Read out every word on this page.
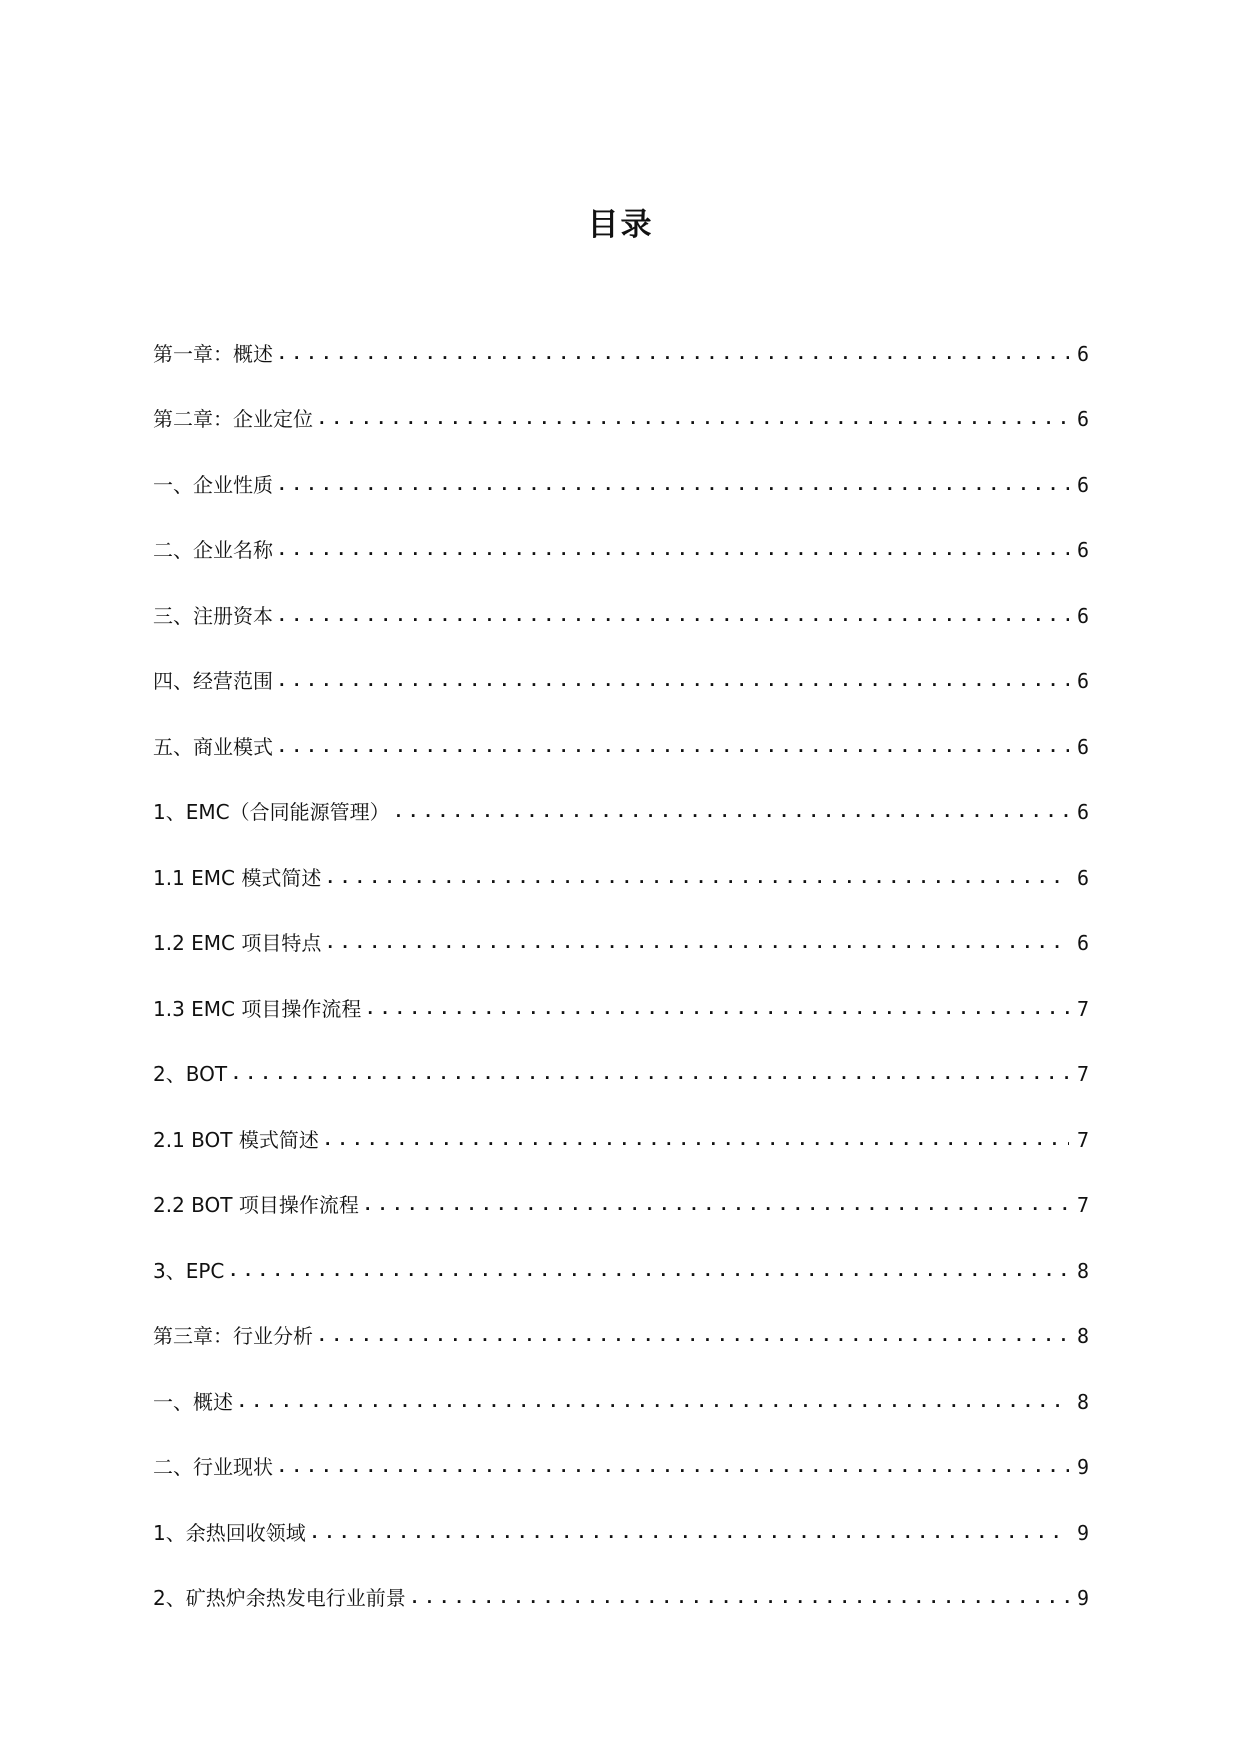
目录
第一章：概述 .....	6
第二章：企业定位 .....	6
一、企业性质 .....	6
二、企业名称 .....	6
三、注册资本 .....	6
四、经营范围 .....	6
五、商业模式 .....	6
1、EMC（合同能源管理） .....	6
1.1 EMC 模式简述 .....	6
1.2 EMC 项目特点 .....	6
1.3 EMC 项目操作流程 .....	7
2、BOT .....	7
2.1 BOT 模式简述 .....	7
2.2 BOT 项目操作流程 .....	7
3、EPC .....	8
第三章：行业分析 .....	8
一、概述 .....	8
二、行业现状 .....	9
1、余热回收领域 .....	9
2、矿热炉余热发电行业前景 .....	9
